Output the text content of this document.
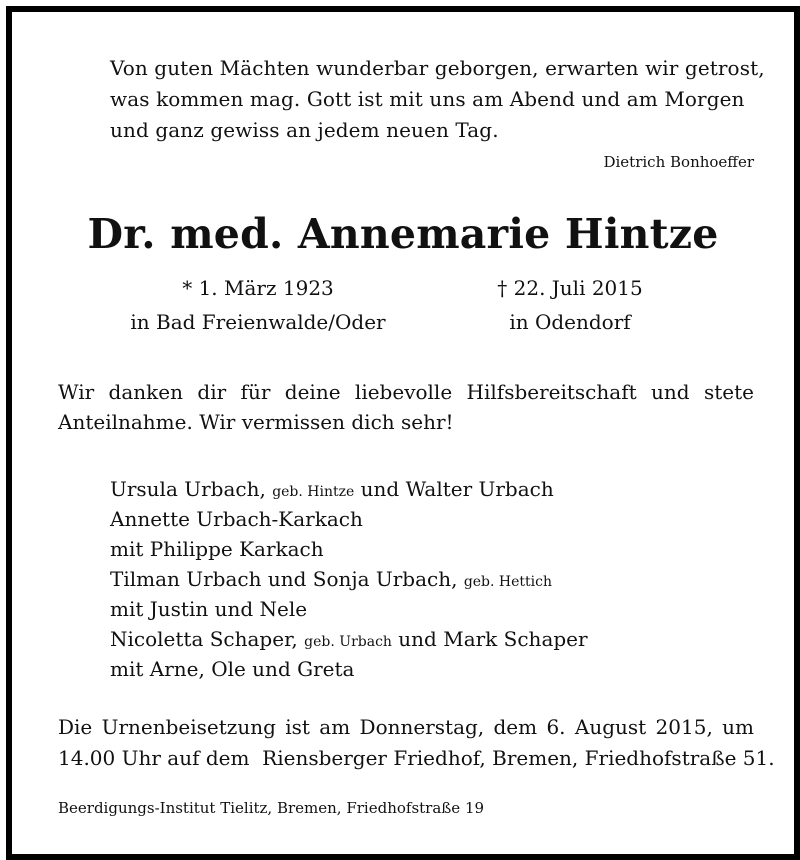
Von guten Mächten wunderbar geborgen, erwarten wir getrost,
was kommen mag. Gott ist mit uns am Abend und am Morgen
und ganz gewiss an jedem neuen Tag.
Dietrich Bonhoeffer
Dr. med. Annemarie Hintze
* 1. März 1923
in Bad Freienwalde/Oder
† 22. Juli 2015
in Odendorf
Wir danken dir für deine liebevolle Hilfsbereitschaft und stete
Anteilnahme. Wir vermissen dich sehr!
Ursula Urbach, geb. Hintze und Walter Urbach
Annette Urbach-Karkach
mit Philippe Karkach
Tilman Urbach und Sonja Urbach, geb. Hettich
mit Justin und Nele
Nicoletta Schaper, geb. Urbach und Mark Schaper
mit Arne, Ole und Greta
Die Urnenbeisetzung ist am Donnerstag, dem 6. August 2015, um
14.00 Uhr auf dem  Riensberger Friedhof, Bremen, Friedhofstraße 51.
Beerdigungs-Institut Tielitz, Bremen, Friedhofstraße 19
